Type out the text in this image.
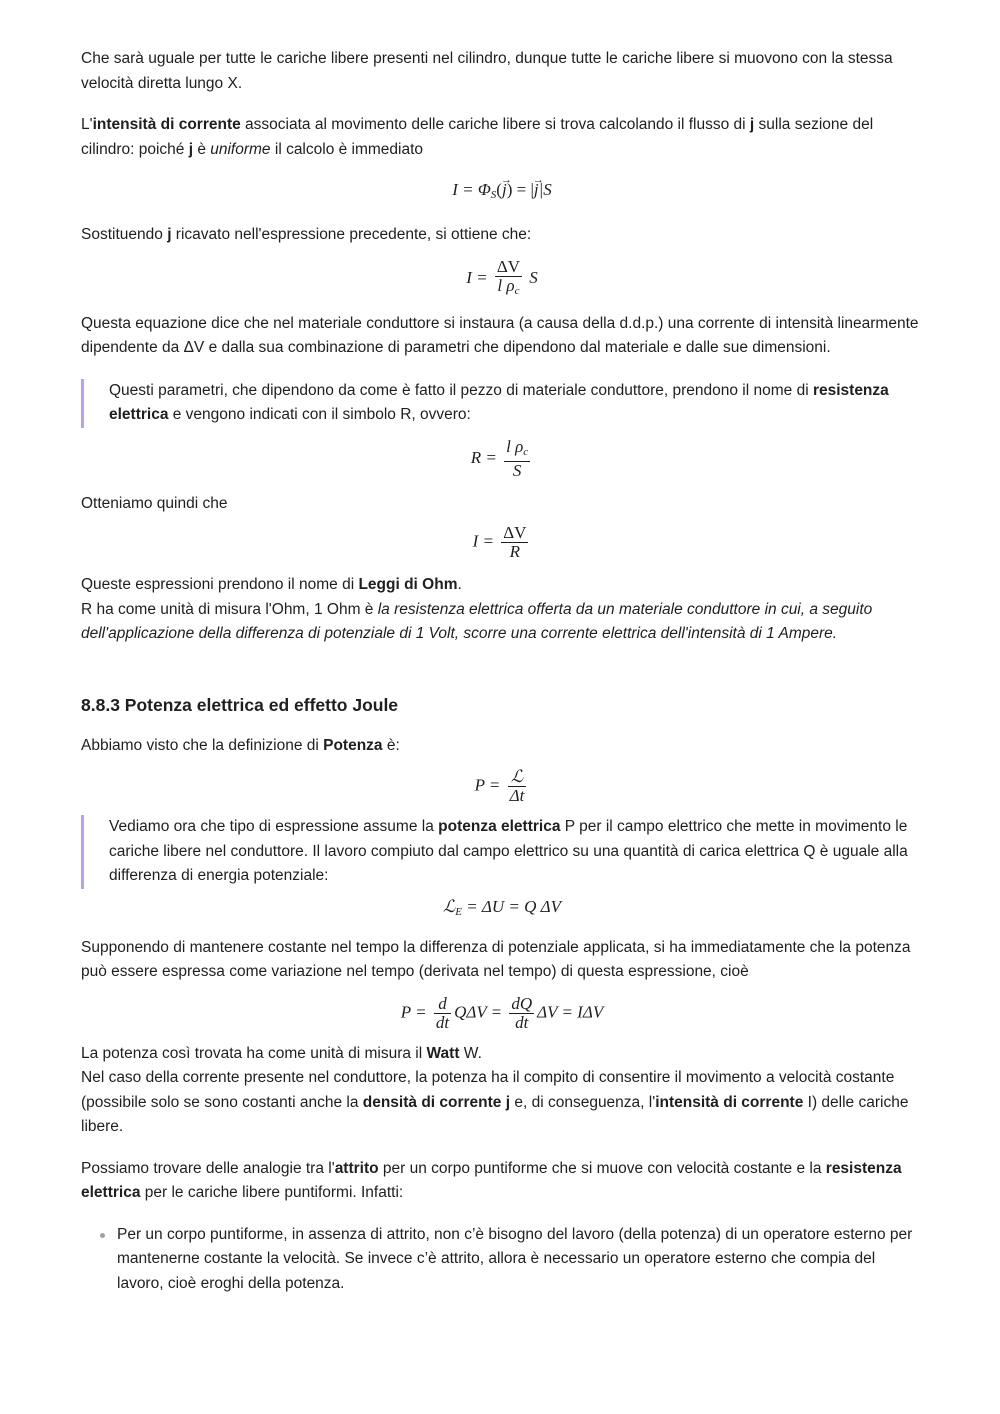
Che sarà uguale per tutte le cariche libere presenti nel cilindro, dunque tutte le cariche libere si muovono con la stessa velocità diretta lungo X.

L'intensità di corrente associata al movimento delle cariche libere si trova calcolando il flusso di j sulla sezione del cilindro: poiché j è uniforme il calcolo è immediato

$I = \Phi_S(\to j)$ = |→ j|S

Sostituendo j ricavato nell'espressione precedente, si ottiene che:

$I = \frac{\Delta V}{l \rho_c}$ S

Questa equazione dice che nel materiale conduttore si instaura (a causa della d.d.p.) una corrente di intensità linearmente dipendente da ΔV e dalla sua combinazione di parametri che dipendono dal materiale e dalle sue dimensioni.

Questi parametri, che dipendono da come è fatto il pezzo di materiale conduttore, prendono il nome di resistenza elettrica e vengono indicati con il simbolo R, ovvero:

$R = \frac{l \rho_c}{S}$

Otteniamo quindi che

$I = \frac{\Delta V}{R}$

Queste espressioni prendono il nome di Leggi di Ohm.
R ha come unità di misura l'Ohm, 1 Ohm è la resistenza elettrica offerta da un materiale conduttore in cui, a seguito dell'applicazione della differenza di potenziale di 1 Volt, scorre una corrente elettrica dell'intensità di 1 Ampere.

8.8.3 Potenza elettrica ed effetto Joule

Abbiamo visto che la definizione di Potenza è:

$P = \frac{\text{ℒ}}{\Delta t}$

Vediamo ora che tipo di espressione assume la potenza elettrica P per il campo elettrico che mette in movimento le cariche libere nel conduttore. Il lavoro compiuto dal campo elettrico su una quantità di carica elettrica Q è uguale alla differenza di energia potenziale:

ℒ$_E$ = ΔU = Q ΔV

Supponendo di mantenere costante nel tempo la differenza di potenziale applicata, si ha immediatamente che la potenza può essere espressa come variazione nel tempo (derivata nel tempo) di questa espressione, cioè

$P = \frac{d}{dt}$ $Q\Delta V = \frac{dQ}{dt}$ ΔV = IΔV

La potenza così trovata ha come unità di misura il Watt W.
Nel caso della corrente presente nel conduttore, la potenza ha il compito di consentire il movimento a velocità costante (possibile solo se sono costanti anche la densità di corrente j e, di conseguenza, l'intensità di corrente I) delle cariche libere.

Possiamo trovare delle analogie tra l'attrito per un corpo puntiforme che si muove con velocità costante e la resistenza elettrica per le cariche libere puntiformi. Infatti:

Per un corpo puntiforme, in assenza di attrito, non c’è bisogno del lavoro (della potenza) di un operatore esterno per mantenerne costante la velocità. Se invece c’è attrito, allora è necessario un operatore esterno che compia del lavoro, cioè eroghi della potenza.
